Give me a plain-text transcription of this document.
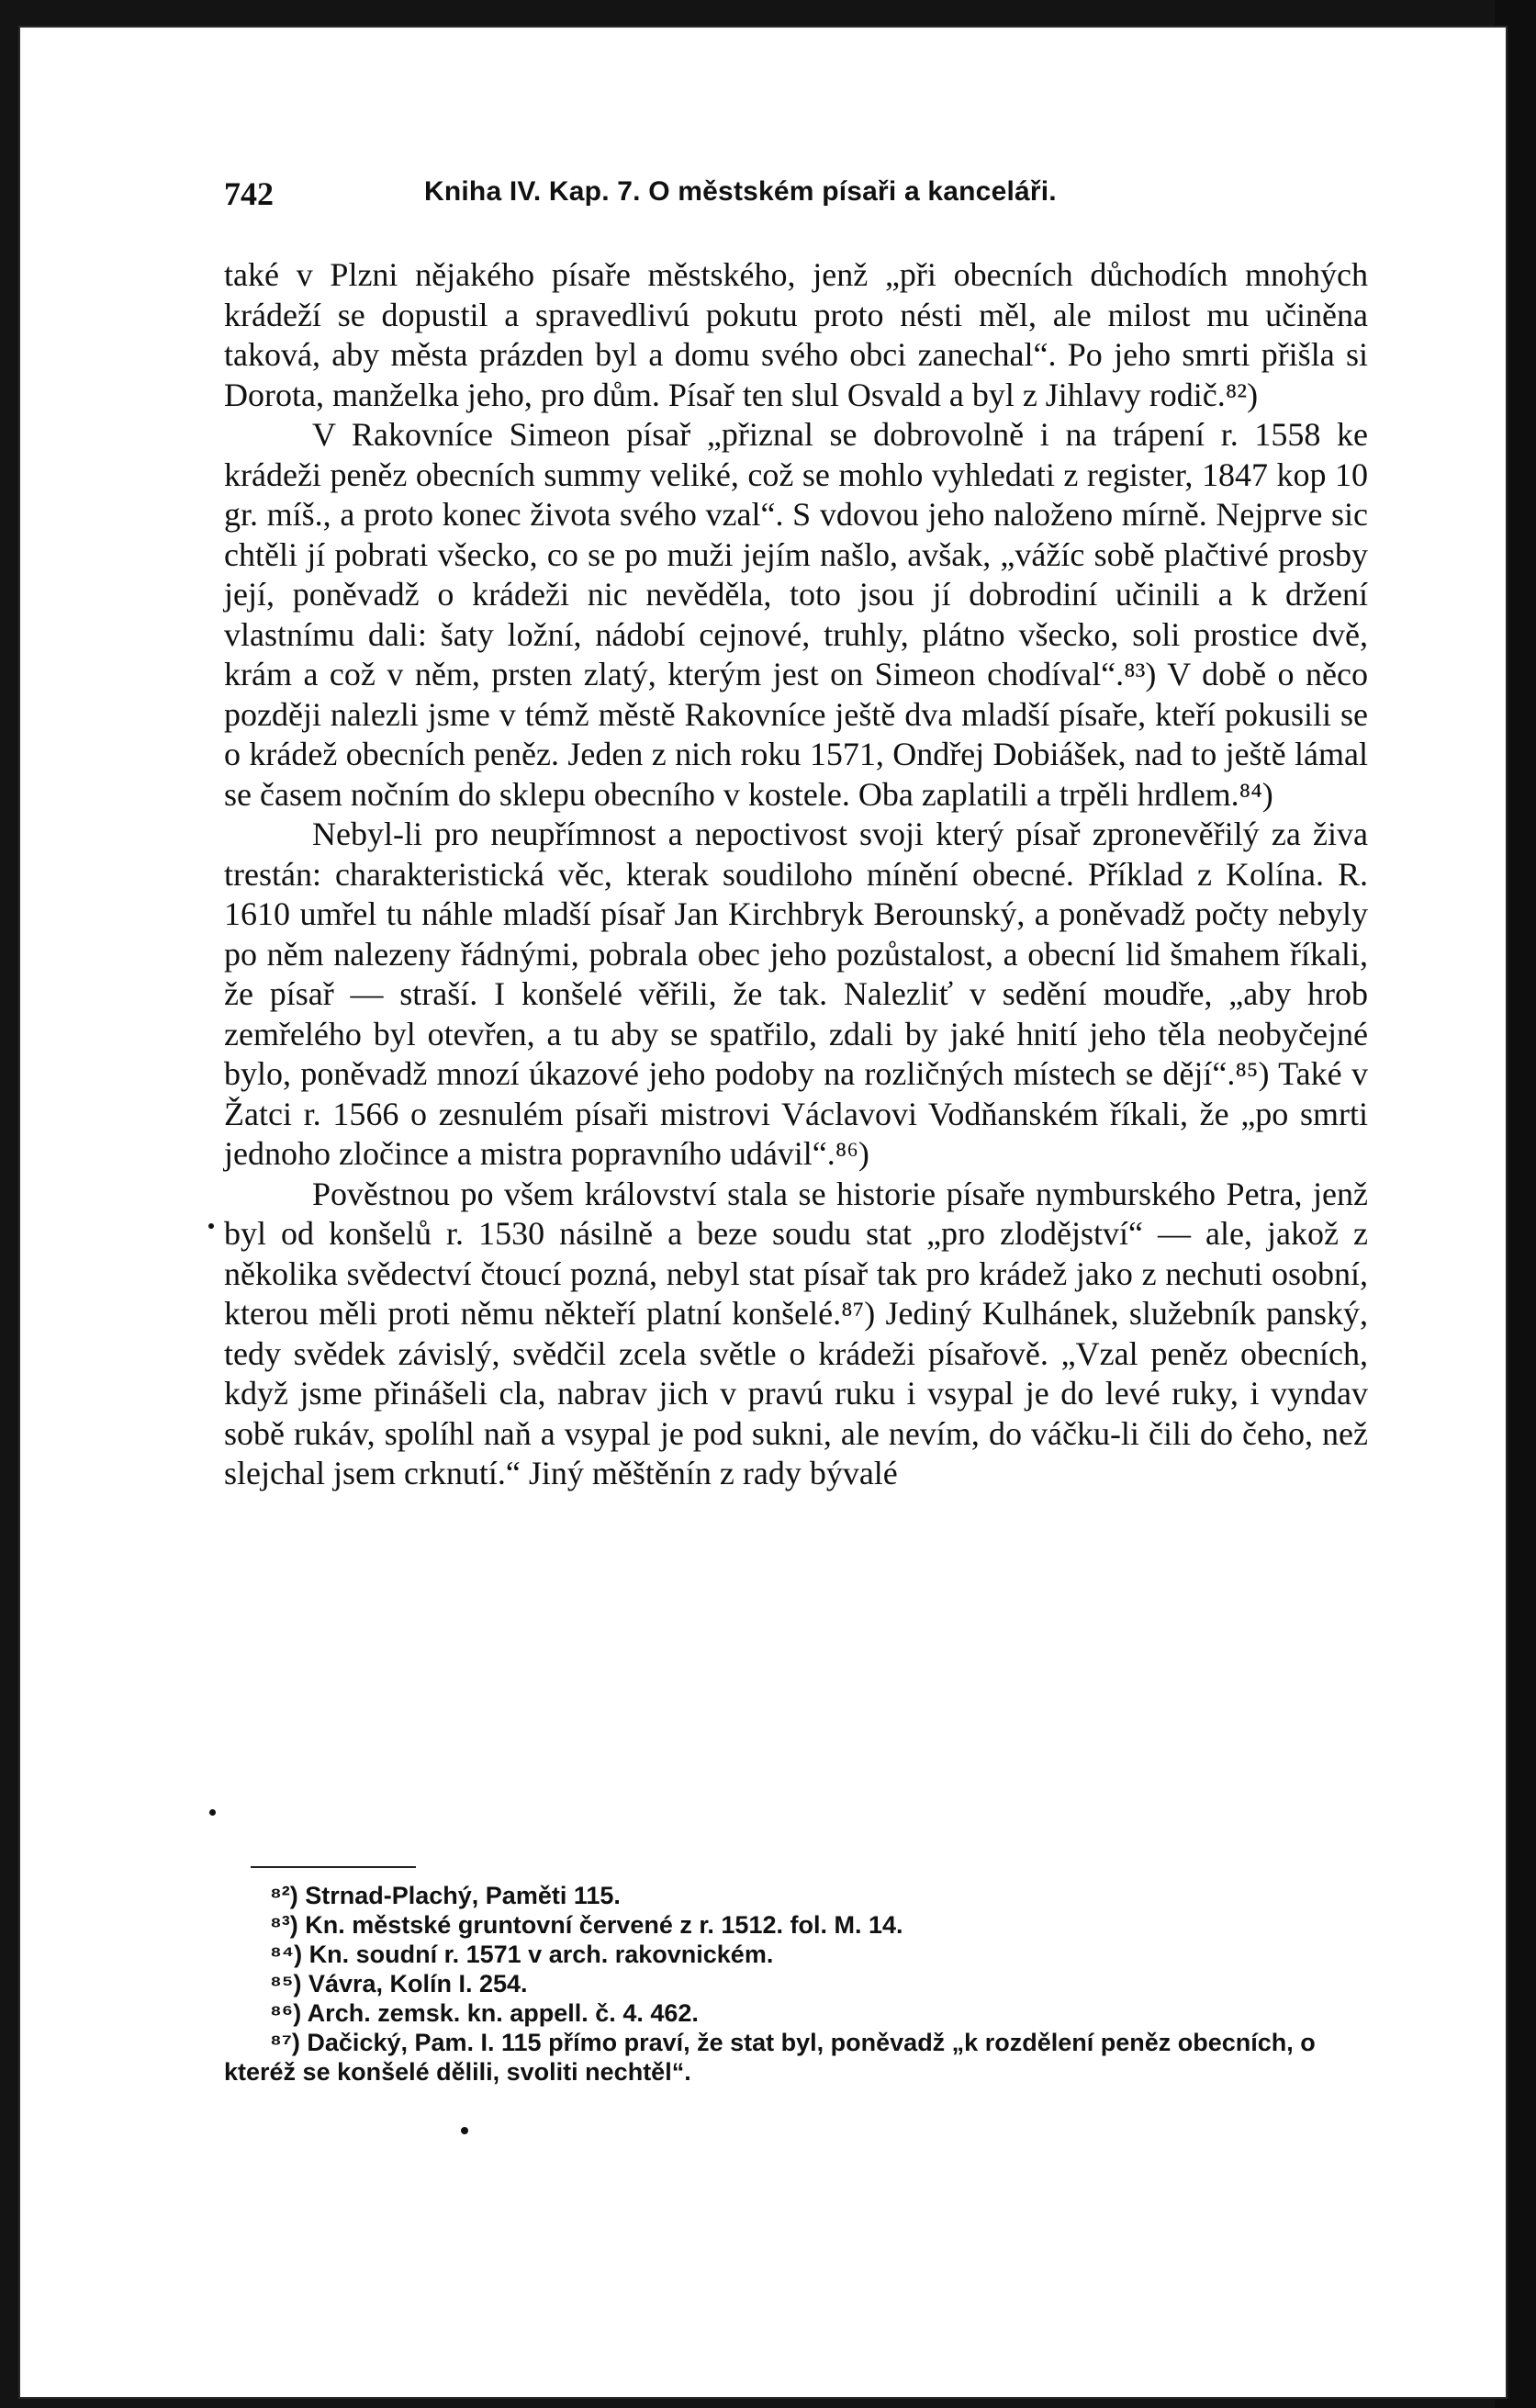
742	Kniha IV. Kap. 7. O městském písaři a kanceláři.

také v Plzni nějakého písaře městského, jenž „při obecních důchodích mnohých krádeží se dopustil a spravedlivú pokutu proto nésti měl, ale milost mu učiněna taková, aby města prázden byl a domu svého obci zanechal“. Po jeho smrti přišla si Dorota, manželka jeho, pro dům. Písař ten slul Osvald a byl z Jihlavy rodič.⁸²)

V Rakovníce Simeon písař „přiznal se dobrovolně i na trápení r. 1558 ke krádeži peněz obecních summy veliké, což se mohlo vyhledati z register, 1847 kop 10 gr. míš., a proto konec života svého vzal“. S vdovou jeho naloženo mírně. Nejprve sic chtěli jí pobrati všecko, co se po muži jejím našlo, avšak, „vážíc sobě plačtivé prosby její, poněvadž o krádeži nic nevěděla, toto jsou jí dobrodiní učinili a k držení vlastnímu dali: šaty ložní, nádobí cejnové, truhly, plátno všecko, soli prostice dvě, krám a což v něm, prsten zlatý, kterým jest on Simeon chodíval“.⁸³) V době o něco později nalezli jsme v témž městě Rakovníce ještě dva mladší písaře, kteří pokusili se o krádež obecních peněz. Jeden z nich roku 1571, Ondřej Dobiášek, nad to ještě lámal se časem nočním do sklepu obecního v kostele. Oba zaplatili a trpěli hrdlem.⁸⁴)

Nebyl-li pro neupřímnost a nepoctivost svoji který písař zpronevěřilý za živa trestán: charakteristická věc, kterak soudiloho mínění obecné. Příklad z Kolína. R. 1610 umřel tu náhle mladší písař Jan Kirchbryk Berounský, a poněvadž počty nebyly po něm nalezeny řádnými, pobrala obec jeho pozůstalost, a obecní lid šmahem říkali, že písař — straší. I konšelé věřili, že tak. Nalezliť v sedění moudře, „aby hrob zemřelého byl otevřen, a tu aby se spatřilo, zdali by jaké hnití jeho těla neobyčejné bylo, poněvadž mnozí úkazové jeho podoby na rozličných místech se dějí“.⁸⁵) Také v Žatci r. 1566 o zesnulém písaři mistrovi Václavovi Vodňanském říkali, že „po smrti jednoho zločince a mistra popravního udávil“.⁸⁶)

Pověstnou po všem království stala se historie písaře nymburského Petra, jenž byl od konšelů r. 1530 násilně a beze soudu stat „pro zlodějství“ — ale, jakož z několika svědectví čtoucí pozná, nebyl stat písař tak pro krádež jako z nechuti osobní, kterou měli proti němu někteří platní konšelé.⁸⁷) Jediný Kulhánek, služebník panský, tedy svědek závislý, svědčil zcela světle o krádeži písařově. „Vzal peněz obecních, když jsme přinášeli cla, nabrav jich v pravú ruku i vsypal je do levé ruky, i vyndav sobě rukáv, spolíhl naň a vsypal je pod sukni, ale nevím, do váčku-li čili do čeho, než slejchal jsem crknutí.“ Jiný měštěnín z rady bývalé

⁸²) Strnad-Plachý, Paměti 115.

⁸³) Kn. městské gruntovní červené z r. 1512. fol. M. 14.

⁸⁴) Kn. soudní r. 1571 v arch. rakovnickém.

⁸⁵) Vávra, Kolín I. 254.

⁸⁶) Arch. zemsk. kn. appell. č. 4. 462.

⁸⁷) Dačický, Pam. I. 115 přímo praví, že stat byl, poněvadž „k rozdělení peněz obecních, o kteréž se konšelé dělili, svoliti nechtěl“.
